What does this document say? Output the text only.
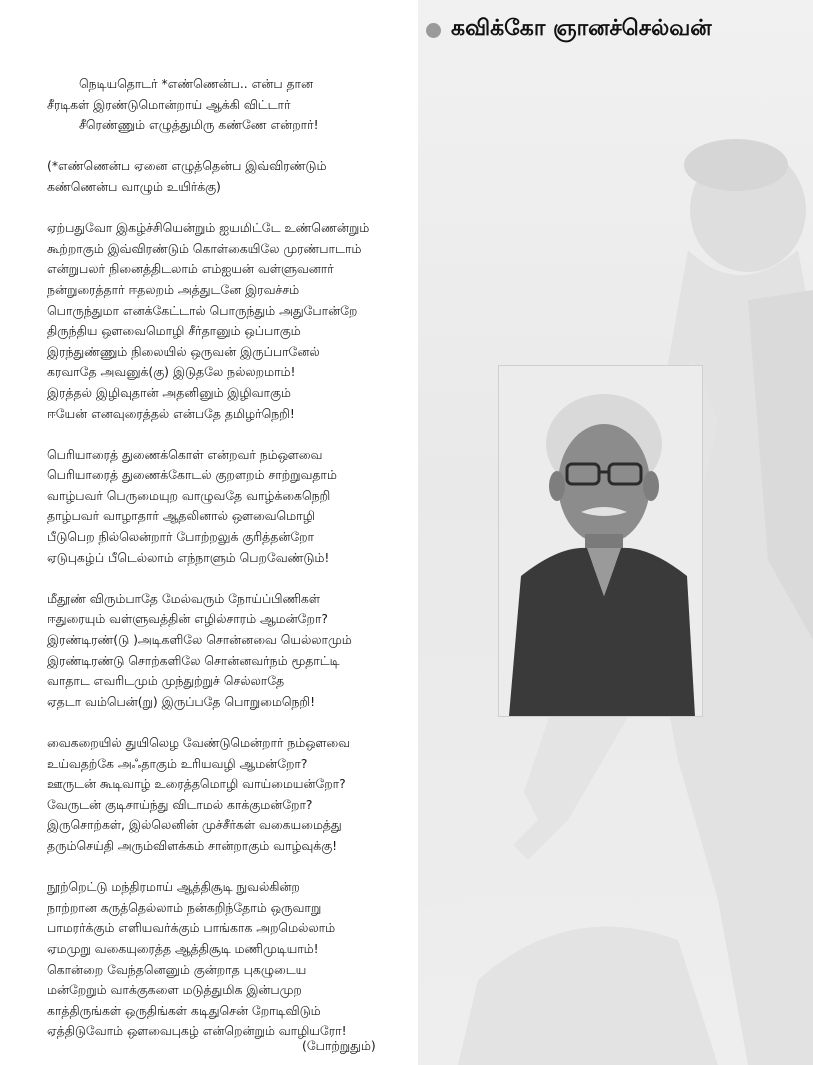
கவிக்கோ ஞானச்செல்வன்
நெடியதொடர் *எண்ணென்ப.. என்ப தான
சீரடிகள் இரண்டுமொன்றாய் ஆக்கி விட்டார்
சீரெண்ணும் எழுத்துமிரு கண்ணே என்றார்!
(*எண்ணென்ப ஏனை எழுத்தென்ப இவ்விரண்டும்
கண்ணென்ப வாழும் உயிர்க்கு)
ஏற்பதுவோ இகழ்ச்சியென்றும் ஐயமிட்டே உண்ணென்றும்
கூற்றாகும் இவ்விரண்டும் கொள்கையிலே முரண்பாடாம்
என்றுபலர் நினைத்திடலாம் எம்ஐயன் வள்ளுவனார்
நன்றுரைத்தார் ஈதலறம் அத்துடனே இரவச்சம்
பொருந்துமா எனக்கேட்டால் பொருந்தும் அதுபோன்றே
திருந்திய ஔவைமொழி சீர்தானும் ஒப்பாகும்
இரந்துண்ணும் நிலையில் ஒருவன் இருப்பானேல்
கரவாதே அவனுக்(கு) இடுதலே நல்லறமாம்!
இரத்தல் இழிவுதான் அதனினும் இழிவாகும்
ஈயேன் எனவுரைத்தல் என்பதே தமிழர்நெறி!
பெரியாரைத் துணைக்கொள் என்றவர் நம்ஔவை
பெரியாரைத் துணைக்கோடல் குறளறம் சாற்றுவதாம்
வாழ்பவர் பெருமையுற வாழுவதே வாழ்க்கைநெறி
தாழ்பவர் வாழாதார் ஆதலினால் ஔவைமொழி
பீடுபெற நில்லென்றார் போற்றலுக் குரித்தன்றோ
ஏடுபுகழ்ப் பீடெல்லாம் எந்நாளும் பெறவேண்டும்!
மீதூண் விரும்பாதே மேல்வரும் நோய்ப்பிணிகள்
ஈதுரையும் வள்ளுவத்தின் எழில்சாரம் ஆமன்றோ?
இரண்டிரண்(டு )அடிகளிலே சொன்னவை யெல்லாமும்
இரண்டிரண்டு சொற்களிலே சொன்னவர்நம் மூதாட்டி
வாதாட எவரிடமும் முந்துற்றுச் செல்லாதே
ஏதடா வம்பென்(று) இருப்பதே பொறுமைநெறி!
வைகறையில் துயிலெழ வேண்டுமென்றார் நம்ஔவை
உய்வதற்கே அஃதாகும் உரியவழி ஆமன்றோ?
ஊருடன் கூடிவாழ் உரைத்தமொழி வாய்மையன்றோ?
வேருடன் குடிசாய்ந்து விடாமல் காக்குமன்றோ?
இருசொற்கள், இல்லெனின் முச்சீர்கள் வகையமைத்து
தரும்செய்தி அரும்விளக்கம் சான்றாகும் வாழ்வுக்கு!
நூற்றெட்டு மந்திரமாய் ஆத்திசூடி நுவல்கின்ற
நாற்றான கருத்தெல்லாம் நன்கறிந்தோம் ஒருவாறு
பாமரர்க்கும் எளியவர்க்கும் பாங்காக அறமெல்லாம்
ஏமமுறு வகையுரைத்த ஆத்திசூடி மணிமுடியாம்!
கொன்றை வேந்தனெனும் குன்றாத புகழுடைய
மன்றேறும் வாக்குகளை மடுத்துமிக இன்பமுற
காத்திருங்கள் ஒருதிங்கள் கடிதுசென் றோடிவிடும்
ஏத்திடுவோம் ஔவைபுகழ் என்றென்றும் வாழியரோ!
(போற்றுதும்)
